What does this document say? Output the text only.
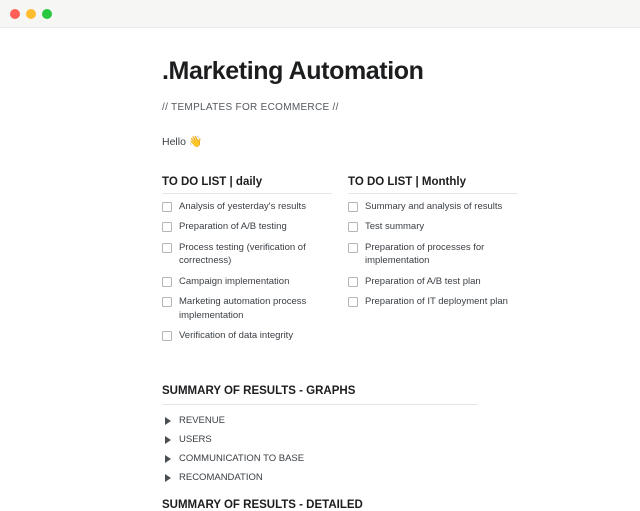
.Marketing Automation

// TEMPLATES FOR ECOMMERCE //

Hello 👋

TO DO LIST | daily
Analysis of yesterday's results
Preparation of A/B testing
Process testing (verification of correctness)
Campaign implementation
Marketing automation process implementation
Verification of data integrity
TO DO LIST | Monthly
Summary and analysis of results
Test summary
Preparation of processes for implementation
Preparation of A/B test plan
Preparation of IT deployment plan
SUMMARY OF RESULTS - GRAPHS
REVENUE
USERS
COMMUNICATION TO BASE
RECOMANDATION
SUMMARY OF RESULTS - DETAILED
